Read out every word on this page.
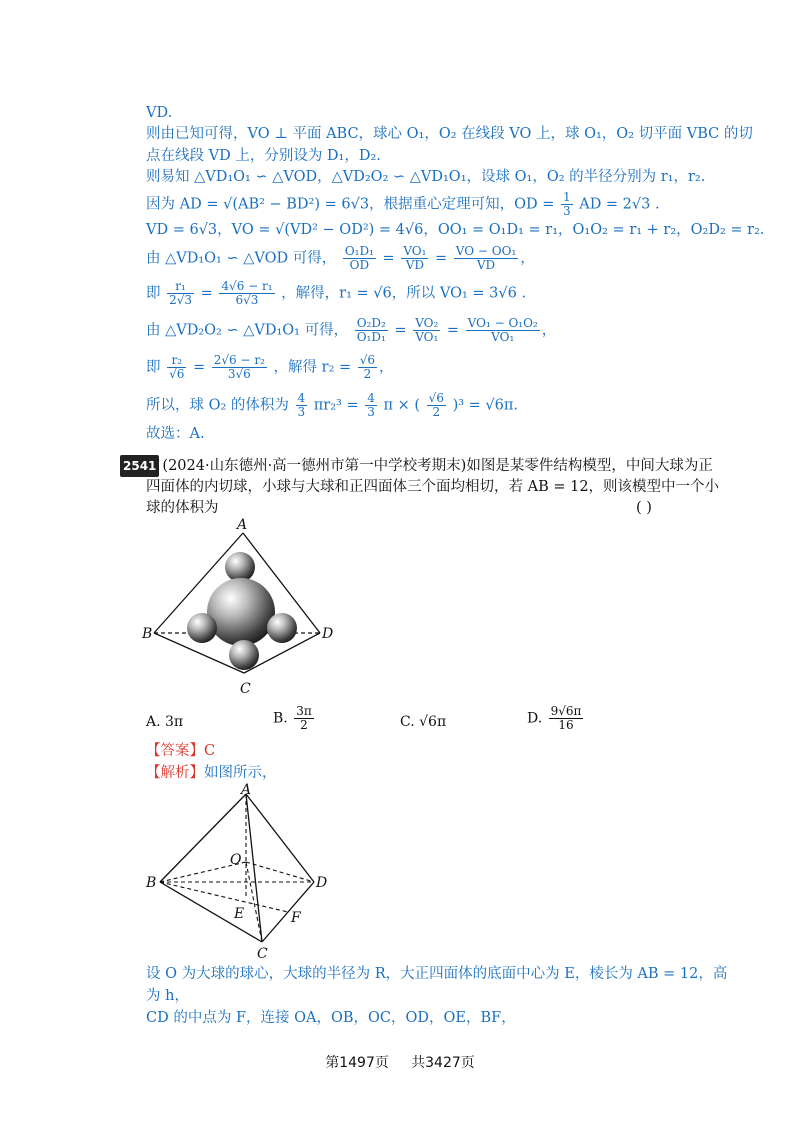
VD.
则由已知可得，VO ⊥ 平面 ABC，球心 O₁，O₂ 在线段 VO 上，球 O₁，O₂ 切平面 VBC 的切
点在线段 VD 上，分别设为 D₁，D₂.
则易知 △VD₁O₁ ∽ △VOD，△VD₂O₂ ∽ △VD₁O₁，设球 O₁，O₂ 的半径分别为 r₁，r₂.
因为 AD = √(AB² − BD²) = 6√3，根据重心定理可知，OD = $\frac{1}{3}$ AD = 2√3 .
VD = 6√3，VO = √(VD² − OD²) = 4√6，OO₁ = O₁D₁ = r₁，O₁O₂ = r₁ + r₂，O₂D₂ = r₂.
由 △VD₁O₁ ∽ △VOD 可得， $\frac{\text{O₁D₁}}{OD} = \frac{\text{VO₁}}{VD} = \frac{\text{VO − OO₁}}{VD}$ ，
即 $\frac{\text{r₁}}{2√3} = \frac{\text{4√6 − r₁}}{6√3}$ ，解得，r₁ = √6，所以 VO₁ = 3√6 .
由 △VD₂O₂ ∽ △VD₁O₁ 可得， $\frac{\text{O₂D₂}}{\text{O₁D₁}} = \frac{\text{VO₂}}{\text{VO₁}} = \frac{\text{VO₁ − O₁O₂}}{\text{VO₁}}$ ，
即 $\frac{\text{r₂}}{√6} = \frac{\text{2√6 − r₂}}{3√6}$ ，解得 $r_2 = \frac{√6}{2}$ ，
所以，球 O₂ 的体积为 $\frac{4}{3} \pi r_2^3 = \frac{4}{3}$ π × ( $\frac{√6}{2} )^3 = √6\pi$.
故选：A.
2541 (2024·山东德州·高一德州市第一中学校考期末)如图是某零件结构模型，中间大球为正
四面体的内切球，小球与大球和正四面体三个面均相切，若 AB = 12，则该模型中一个小
球的体积为	( )
A
B	D
C
A. 3π	B. $\frac{3\pi}{2}$	C. √6π	D. $\frac{9√6\pi}{16}$
【答案】C
【解析】如图所示，
A
B	D
C
O
E	F
设 O 为大球的球心，大球的半径为 R，大正四面体的底面中心为 E，棱长为 AB = 12，高
为 h，
CD 的中点为 F，连接 OA，OB，OC，OD，OE，BF，
第1497页 共3427页
